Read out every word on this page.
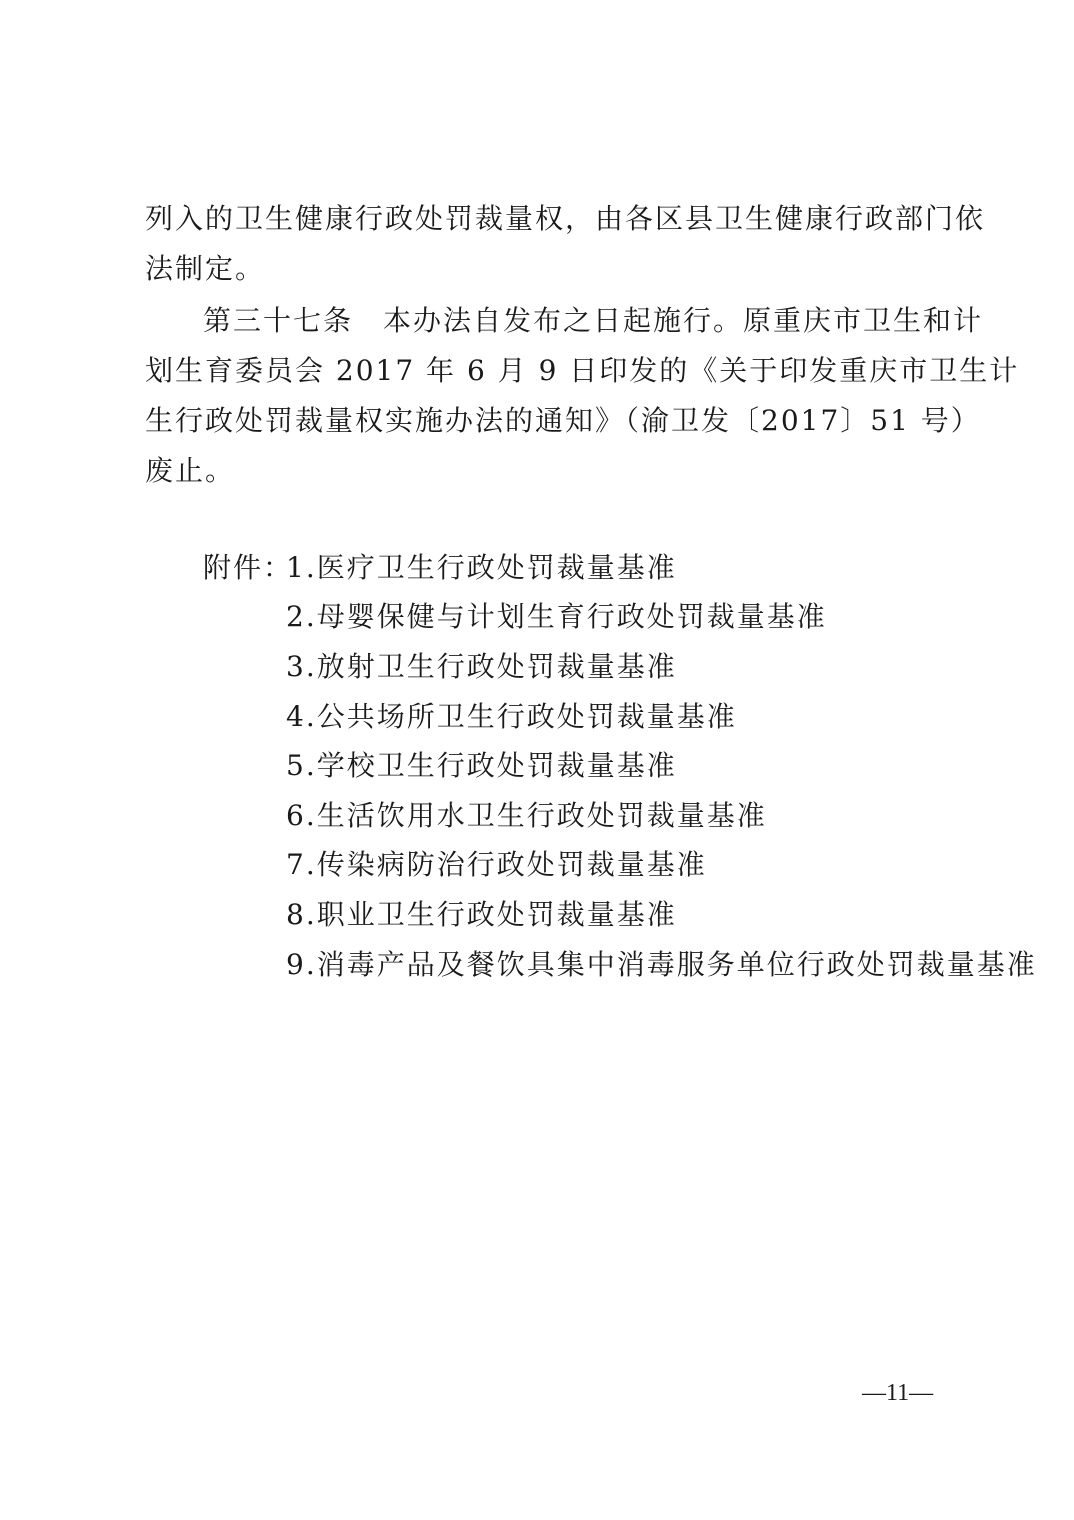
列入的卫生健康行政处罚裁量权，由各区县卫生健康行政部门依
法制定。
第三十七条　本办法自发布之日起施行。原重庆市卫生和计
划生育委员会 2017 年 6 月 9 日印发的《关于印发重庆市卫生计
生行政处罚裁量权实施办法的通知》（渝卫发〔2017〕51 号）
废止。
附件：
1.医疗卫生行政处罚裁量基准
2.母婴保健与计划生育行政处罚裁量基准
3.放射卫生行政处罚裁量基准
4.公共场所卫生行政处罚裁量基准
5.学校卫生行政处罚裁量基准
6.生活饮用水卫生行政处罚裁量基准
7.传染病防治行政处罚裁量基准
8.职业卫生行政处罚裁量基准
9.消毒产品及餐饮具集中消毒服务单位行政处罚裁量基准
—11—
